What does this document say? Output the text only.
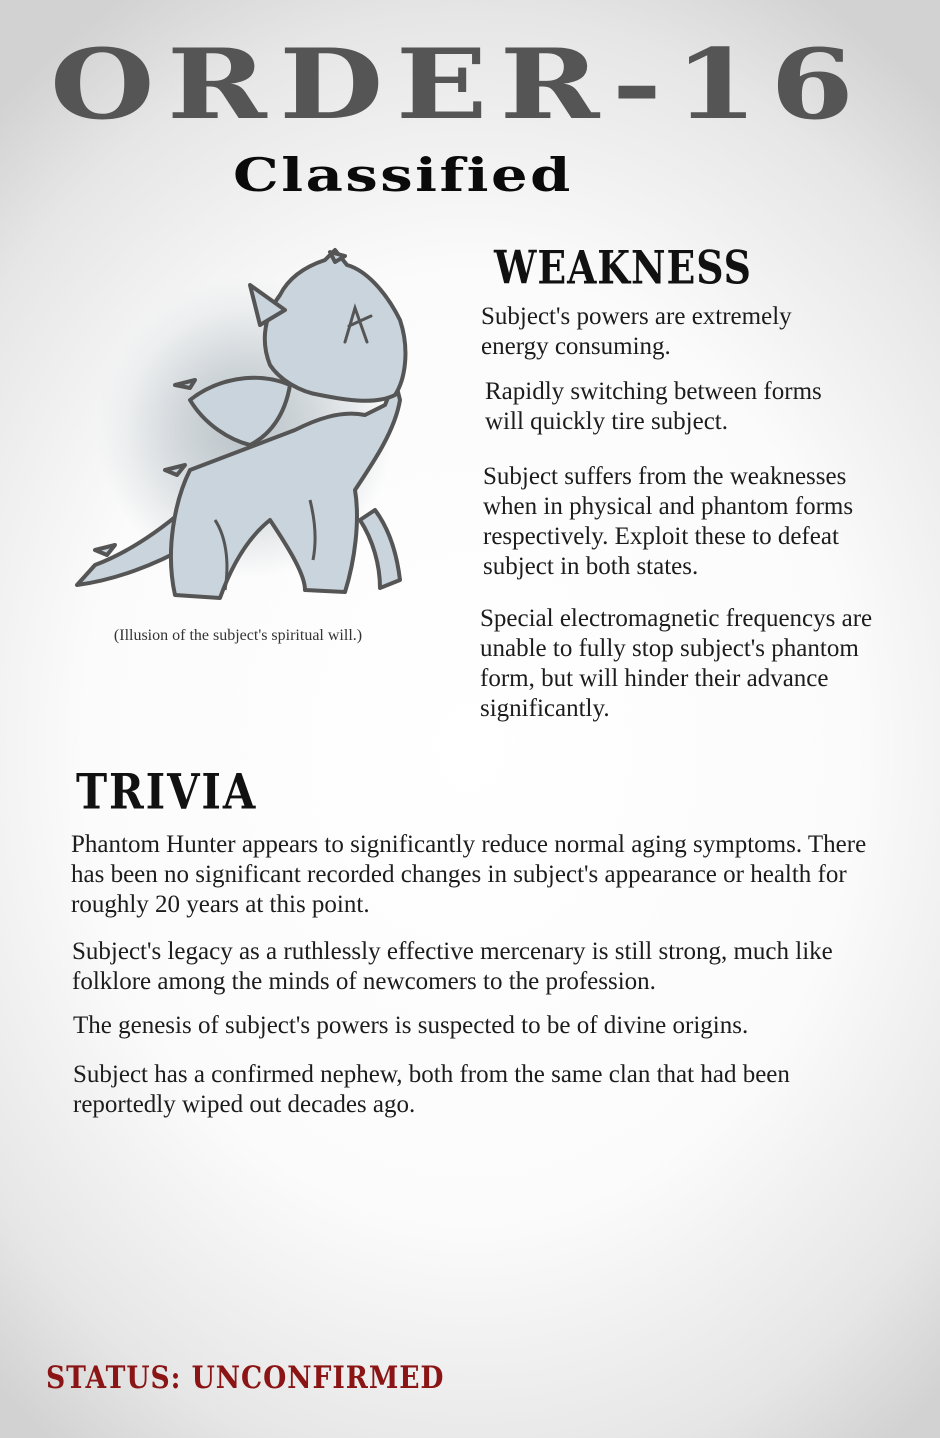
ORDER-16
Classified
(Illusion of the subject's spiritual will.)
WEAKNESS

Subject's powers are extremely energy consuming.

Rapidly switching between forms will quickly tire subject.

Subject suffers from the weaknesses when in physical and phantom forms respectively. Exploit these to defeat subject in both states.

Special electromagnetic frequencys are unable to fully stop subject's phantom form, but will hinder their advance significantly.

TRIVIA

Phantom Hunter appears to significantly reduce normal aging symptoms. There has been no significant recorded changes in subject's appearance or health for roughly 20 years at this point.

Subject's legacy as a ruthlessly effective mercenary is still strong, much like folklore among the minds of newcomers to the profession.

The genesis of subject's powers is suspected to be of divine origins.

Subject has a confirmed nephew, both from the same clan that had been reportedly wiped out decades ago.

STATUS: UNCONFIRMED
